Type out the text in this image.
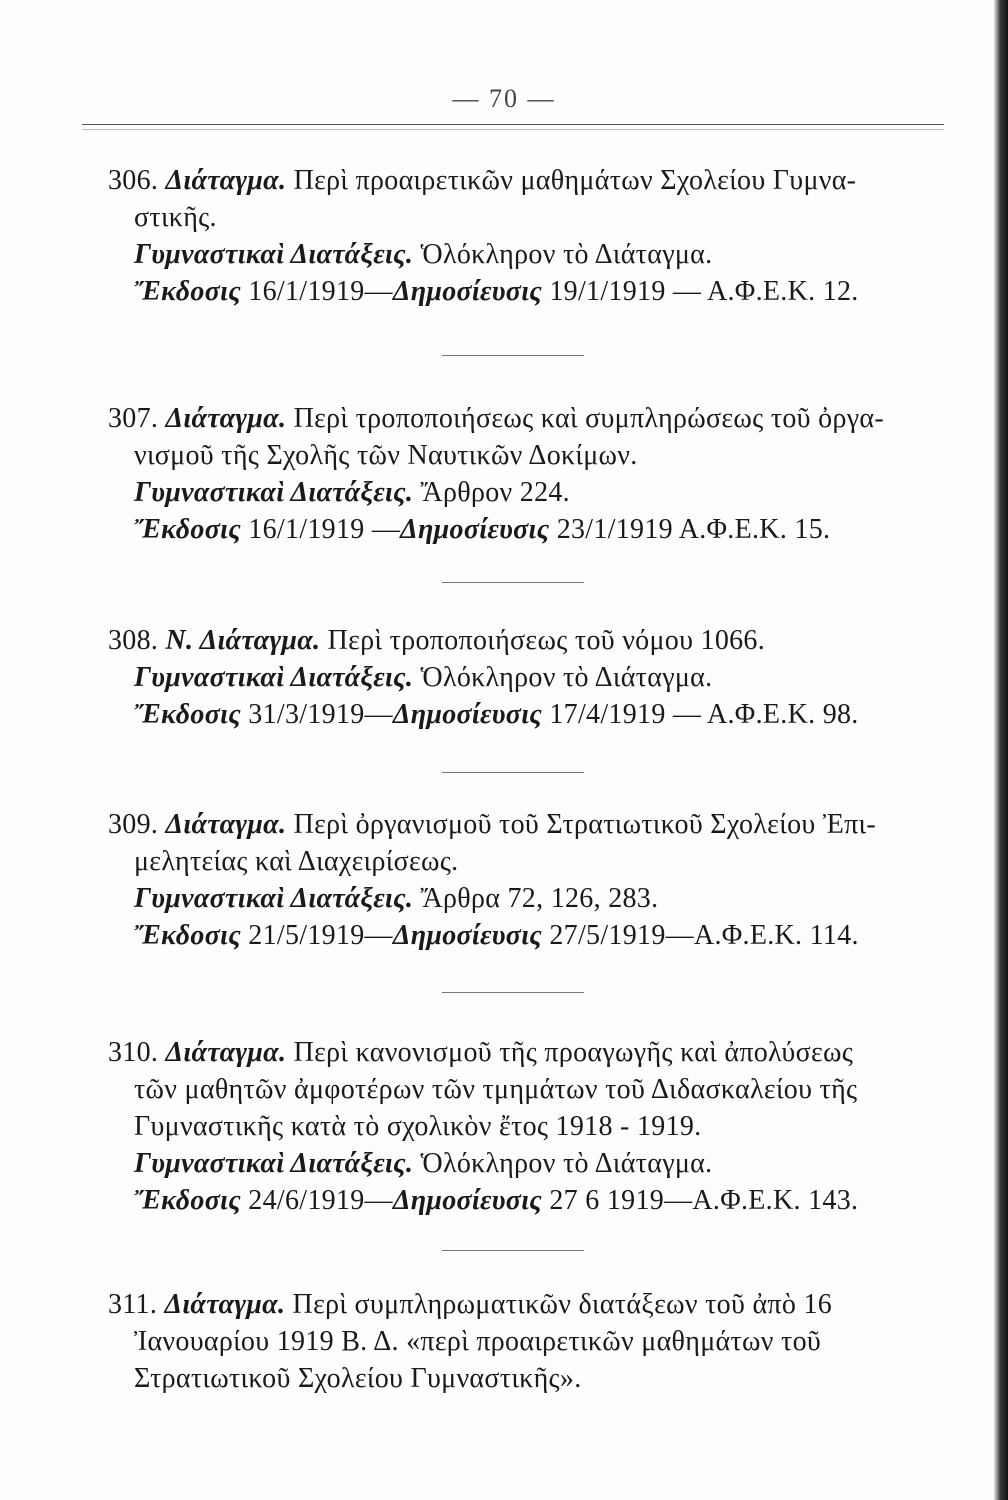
— 70 —
306. Διάταγμα. Περὶ προαιρετικῶν μαθημάτων Σχολείου Γυμνα-
στικῆς.
Γυμναστικαὶ Διατάξεις. Ὁλόκληρον τὸ Διάταγμα.
Ἔκδοσις 16/1/1919—Δημοσίευσις 19/1/1919 — Α.Φ.Ε.Κ. 12.
307. Διάταγμα. Περὶ τροποποιήσεως καὶ συμπληρώσεως τοῦ ὀργα-
νισμοῦ τῆς Σχολῆς τῶν Ναυτικῶν Δοκίμων.
Γυμναστικαὶ Διατάξεις. Ἄρθρον 224.
Ἔκδοσις 16/1/1919 —Δημοσίευσις 23/1/1919 Α.Φ.Ε.Κ. 15.
308. Ν. Διάταγμα. Περὶ τροποποιήσεως τοῦ νόμου 1066.
Γυμναστικαὶ Διατάξεις. Ὁλόκληρον τὸ Διάταγμα.
Ἔκδοσις 31/3/1919—Δημοσίευσις 17/4/1919 — Α.Φ.Ε.Κ. 98.
309. Διάταγμα. Περὶ ὀργανισμοῦ τοῦ Στρατιωτικοῦ Σχολείου Ἐπι-
μελητείας καὶ Διαχειρίσεως.
Γυμναστικαὶ Διατάξεις. Ἄρθρα 72, 126, 283.
Ἔκδοσις 21/5/1919—Δημοσίευσις 27/5/1919—Α.Φ.Ε.Κ. 114.
310. Διάταγμα. Περὶ κανονισμοῦ τῆς προαγωγῆς καὶ ἀπολύσεως
τῶν μαθητῶν ἀμφοτέρων τῶν τμημάτων τοῦ Διδασκαλείου τῆς
Γυμναστικῆς κατὰ τὸ σχολικὸν ἔτος 1918 - 1919.
Γυμναστικαὶ Διατάξεις. Ὁλόκληρον τὸ Διάταγμα.
Ἔκδοσις 24/6/1919—Δημοσίευσις 27 6 1919—Α.Φ.Ε.Κ. 143.
311. Διάταγμα. Περὶ συμπληρωματικῶν διατάξεων τοῦ ἀπὸ 16
Ἰανουαρίου 1919 Β. Δ. «περὶ προαιρετικῶν μαθημάτων τοῦ
Στρατιωτικοῦ Σχολείου Γυμναστικῆς».
